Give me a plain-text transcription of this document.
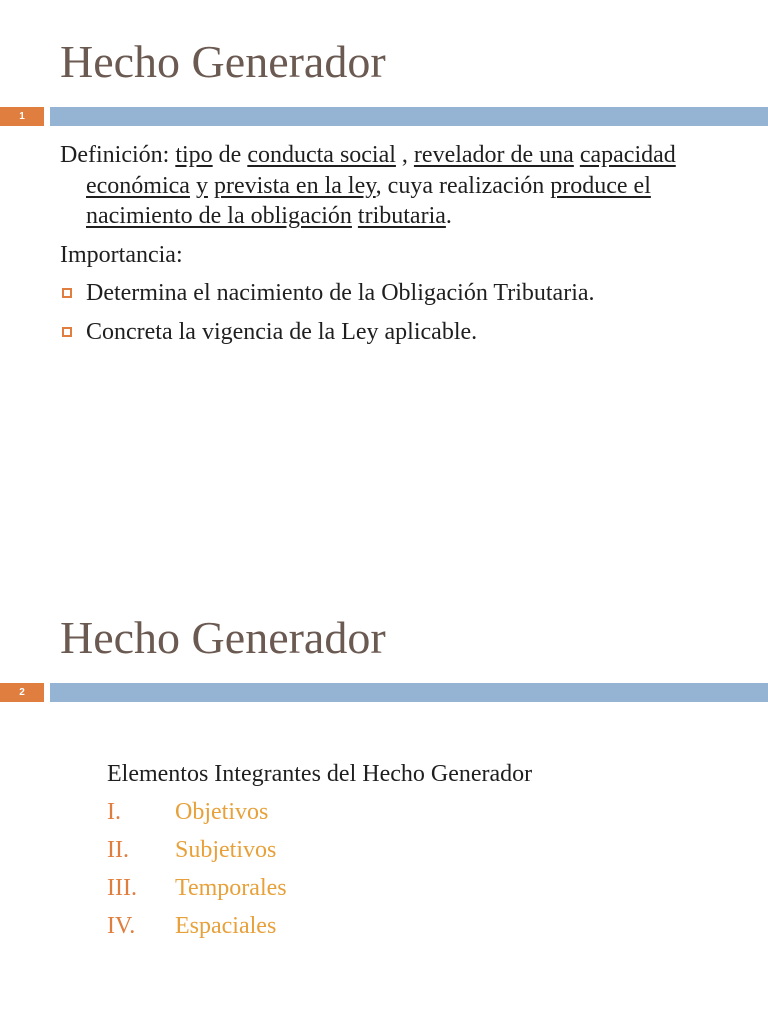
Hecho Generador
1
Definición: tipo de conducta social , revelador de una capacidad económica y prevista en la ley, cuya realización produce el nacimiento de la obligación tributaria.
Importancia:
Determina el nacimiento de la Obligación Tributaria.
Concreta la vigencia de la Ley aplicable.
Hecho Generador
2
Elementos Integrantes del Hecho Generador
I.	Objetivos
II.	Subjetivos
III.	Temporales
IV.	Espaciales
